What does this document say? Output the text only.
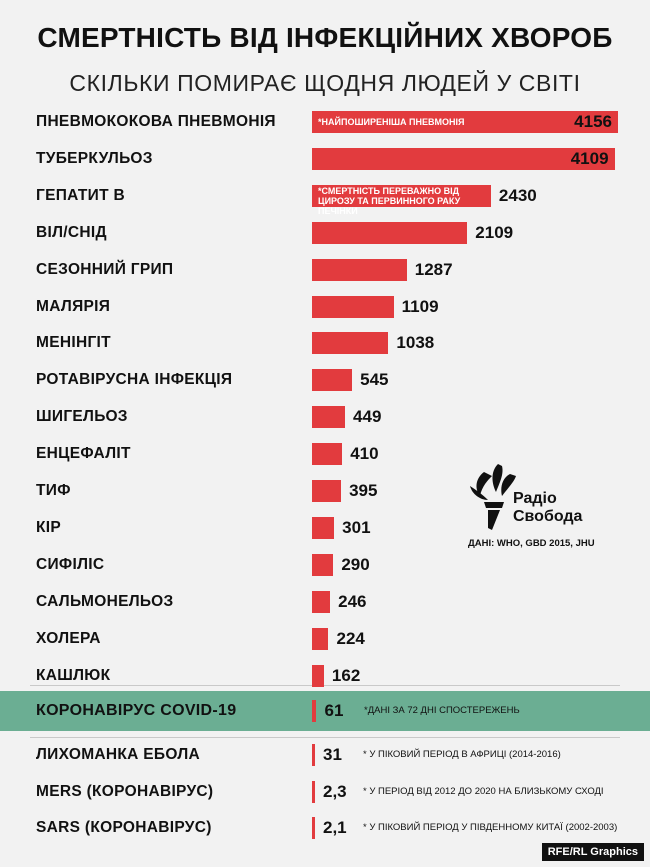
СМЕРТНІСТЬ ВІД ІНФЕКЦІЙНИХ ХВОРОБ
СКІЛЬКИ ПОМИРАЄ ЩОДНЯ ЛЮДЕЙ У СВІТІ
ПНЕВМОКОКОВА ПНЕВМОНІЯ	4156
*НАЙПОШИРЕНІША ПНЕВМОНІЯ
ТУБЕРКУЛЬОЗ	4109
ГЕПАТИТ B	2430
*СМЕРТНІСТЬ ПЕРЕВАЖНО ВІД ЦИРОЗУ ТА ПЕРВИННОГО РАКУ ПЕЧІНКИ
ВІЛ/СНІД	2109
СЕЗОННИЙ ГРИП	1287
МАЛЯРІЯ	1109
МЕНІНГІТ	1038
РОТАВІРУСНА ІНФЕКЦІЯ	545
ШИГЕЛЬОЗ	449
ЕНЦЕФАЛІТ	410
ТИФ	395
КІР	301
СИФІЛІС	290
САЛЬМОНЕЛЬОЗ	246
ХОЛЕРА	224
КАШЛЮК	162
КОРОНАВІРУС COVID-19	61 *ДАНІ ЗА 72 ДНІ СПОСТЕРЕЖЕНЬ
ЛИХОМАНКА ЕБОЛА	31 * У ПІКОВИЙ ПЕРІОД В АФРИЦІ (2014-2016)
MERS (КОРОНАВІРУС)	2,3 * У ПЕРІОД ВІД 2012 ДО 2020 НА БЛИЗЬКОМУ СХОДІ
SARS (КОРОНАВІРУС)	2,1 * У ПІКОВИЙ ПЕРІОД У ПІВДЕННОМУ КИТАЇ (2002-2003)
Радіо
Свобода
ДАНІ: WHO, GBD 2015, JHU
RFE/RL Graphics
